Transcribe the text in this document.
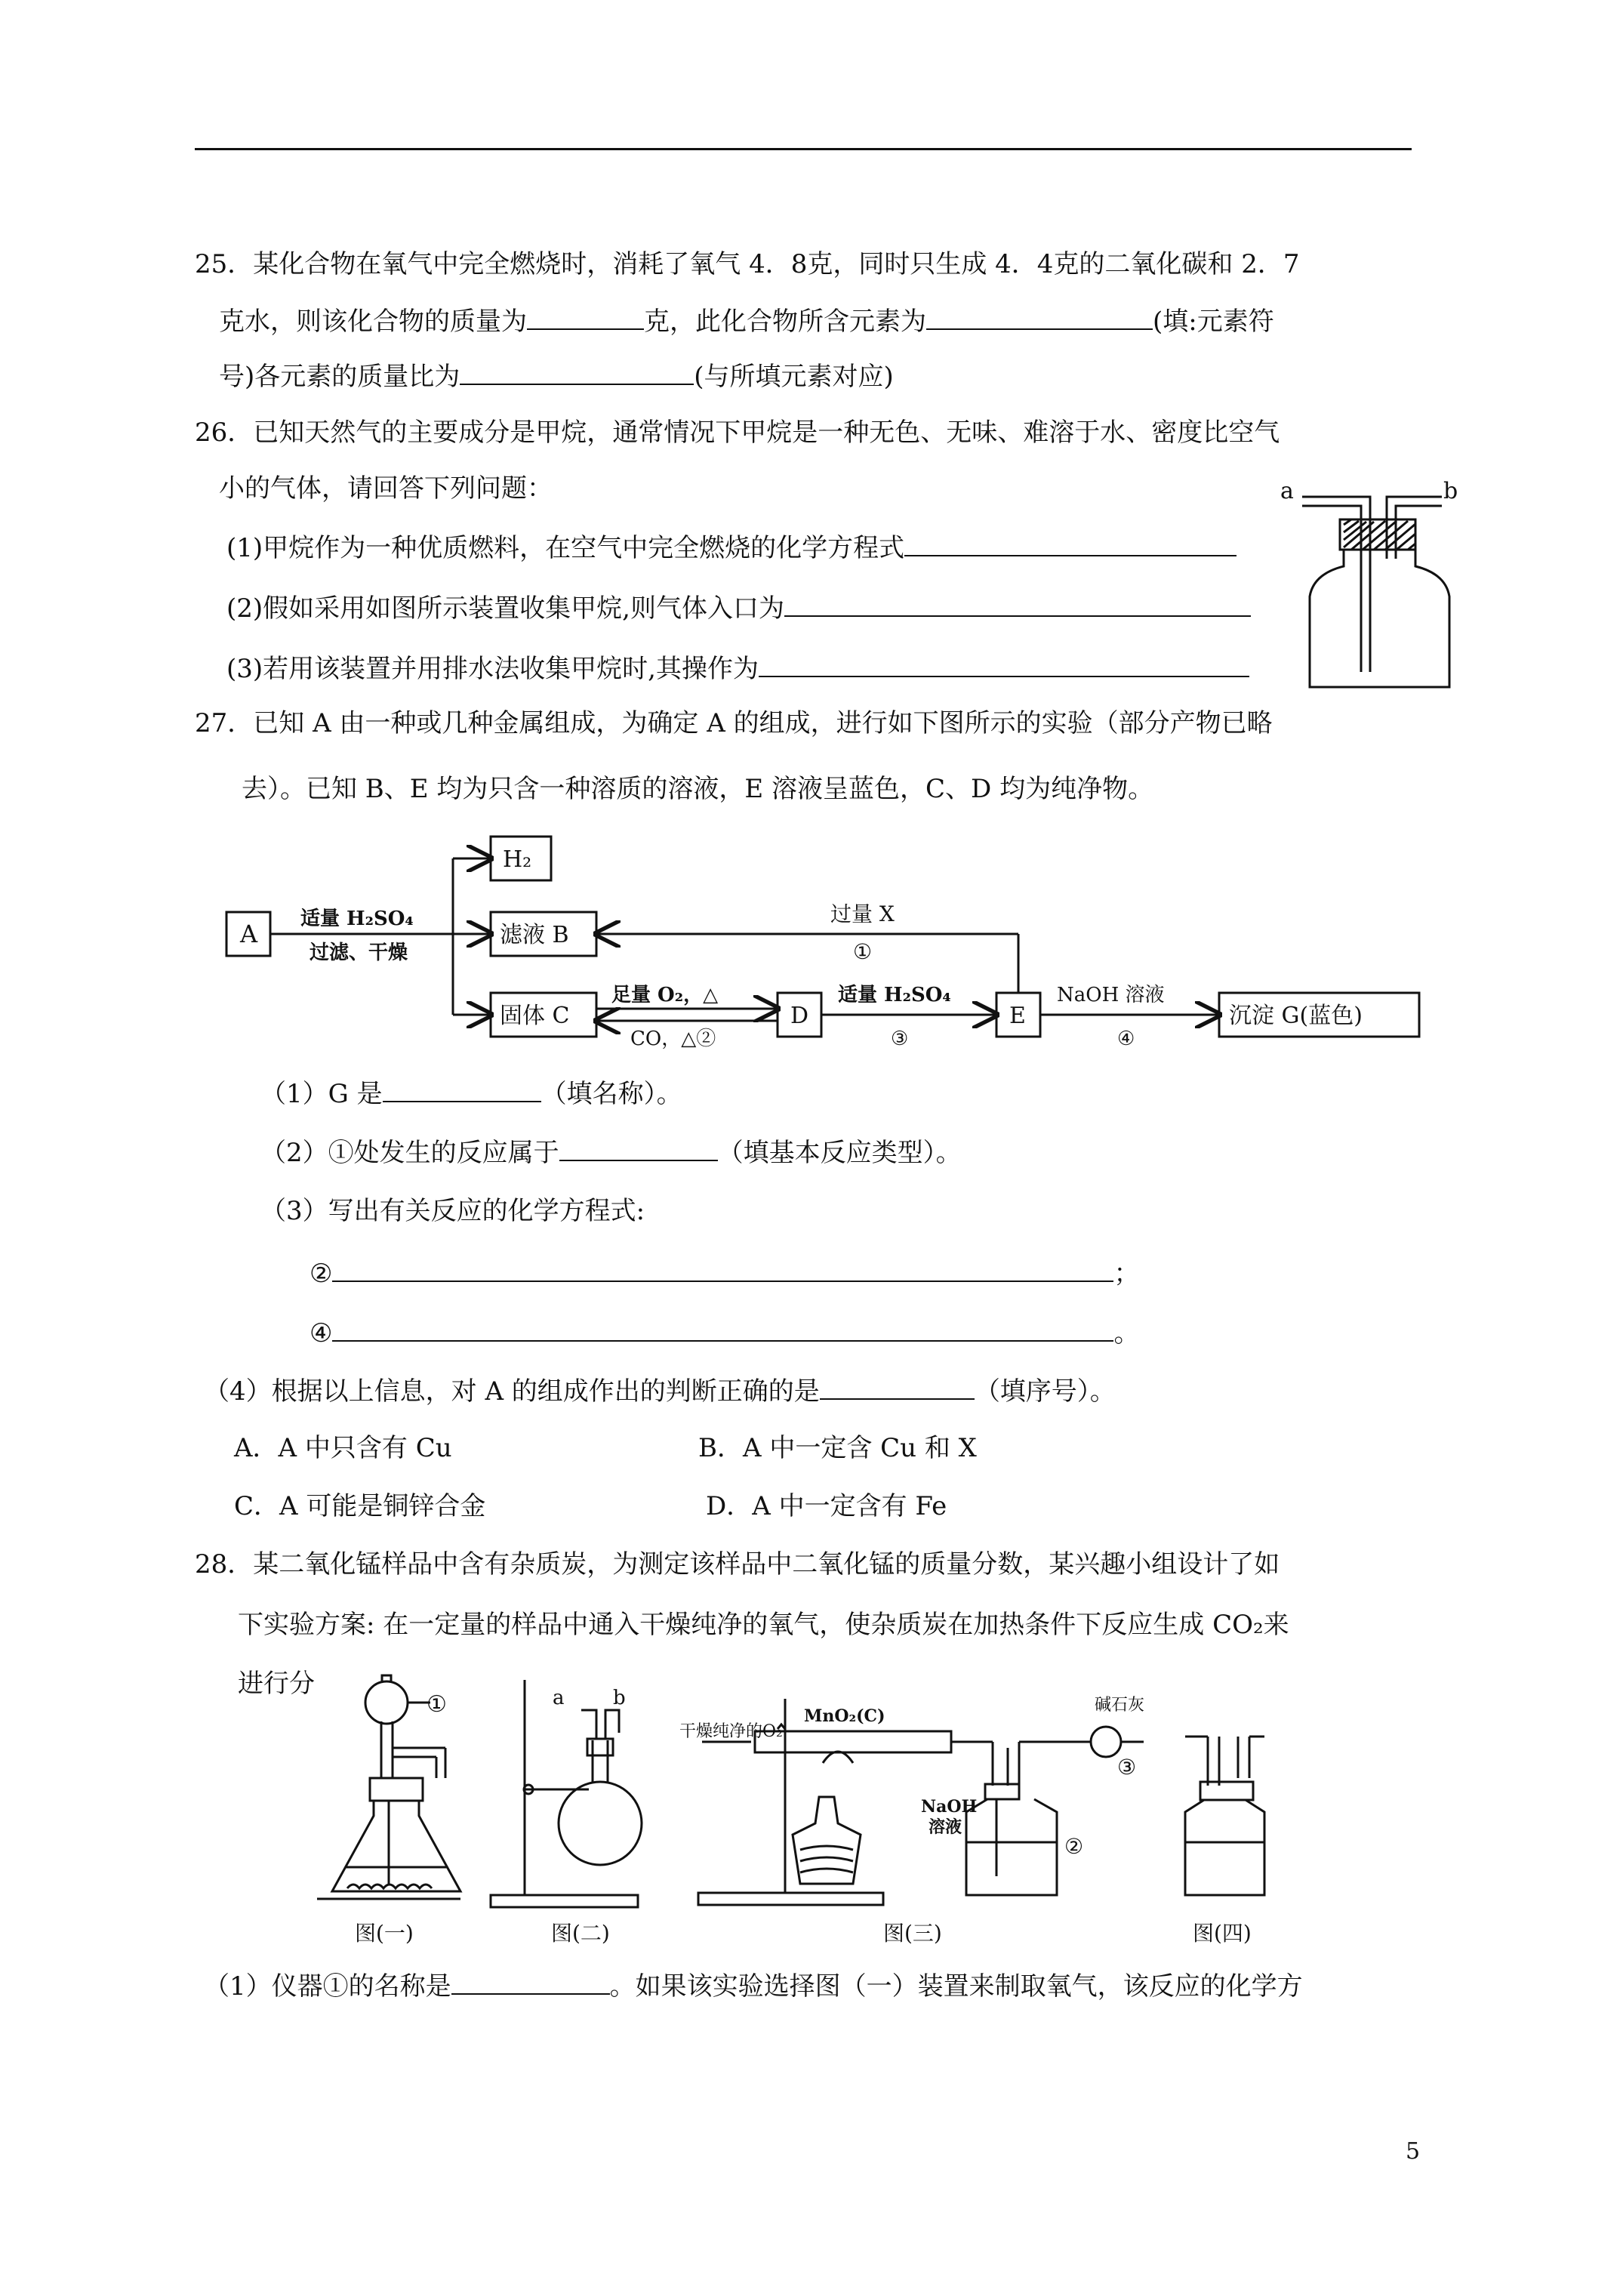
25．某化合物在氧气中完全燃烧时，消耗了氧气 4．8克，同时只生成 4．4克的二氧化碳和 2．7
克水，则该化合物的质量为	克，此化合物所含元素为	(填:元素符
号)各元素的质量比为	(与所填元素对应)
26．已知天然气的主要成分是甲烷，通常情况下甲烷是一种无色、无味、难溶于水、密度比空气
小的气体，请回答下列问题：
(1)甲烷作为一种优质燃料，在空气中完全燃烧的化学方程式
(2)假如采用如图所示装置收集甲烷,则气体入口为
(3)若用该装置并用排水法收集甲烷时,其操作为
a	b
27．已知 A 由一种或几种金属组成，为确定 A 的组成，进行如下图所示的实验（部分产物已略
去）。已知 B、E 均为只含一种溶质的溶液，E 溶液呈蓝色，C、D 均为纯净物。
A
H₂
滤液 B
固体 C	D	E	沉淀 G(蓝色)
适量 H₂SO₄
过滤、干燥
过量 X
①
足量 O₂，△
CO，△②
适量 H₂SO₄
③
NaOH 溶液
④
（1）G 是	（填名称）。
（2）①处发生的反应属于	（填基本反应类型）。
（3）写出有关反应的化学方程式:
②	；
④	。
（4）根据以上信息，对 A 的组成作出的判断正确的是	（填序号）。
A．A 中只含有 Cu	B．A 中一定含 Cu 和 X
C．A 可能是铜锌合金	D．A 中一定含有 Fe
28．某二氧化锰样品中含有杂质炭，为测定该样品中二氧化锰的质量分数，某兴趣小组设计了如
下实验方案: 在一定量的样品中通入干燥纯净的氧气，使杂质炭在加热条件下反应生成 CO₂来
进行分
①
图(一)
a b
图(二)
干燥纯净的O₂
MnO₂(C)
碱石灰
③
NaOH
溶液
②
图(三)	图(四)
（1）仪器①的名称是	。如果该实验选择图（一）装置来制取氧气，该反应的化学方
5
